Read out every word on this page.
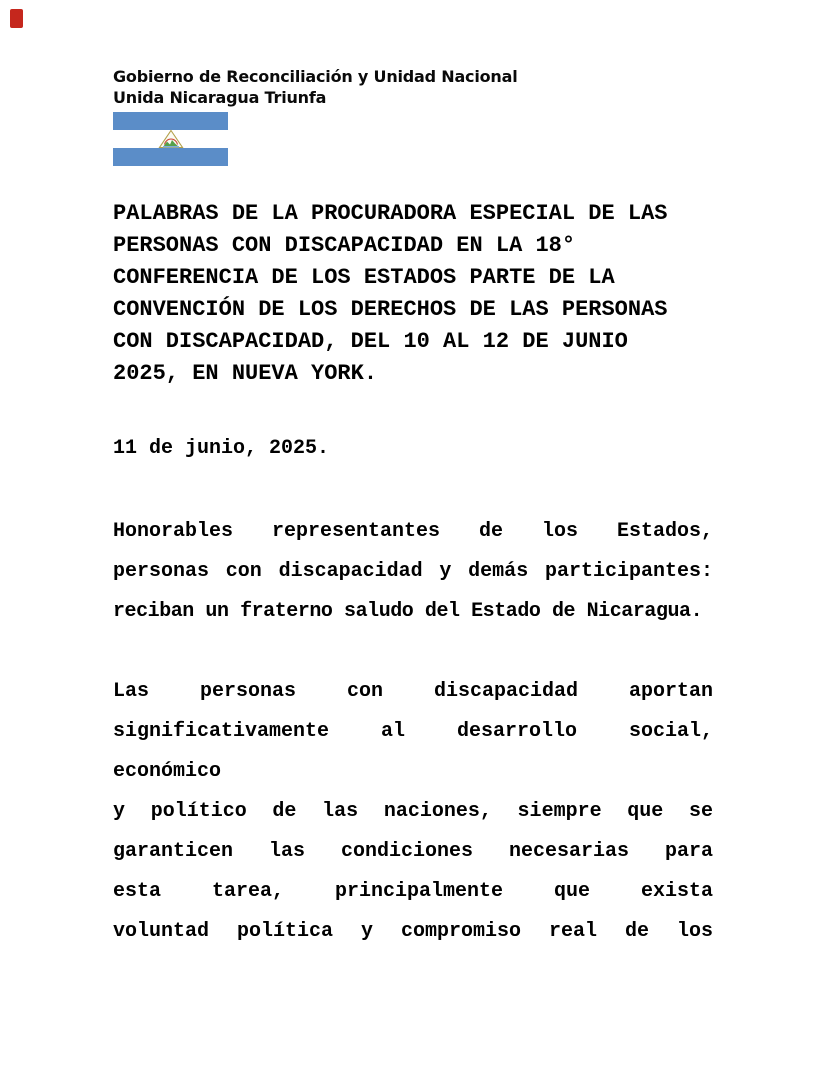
Gobierno de Reconciliación y Unidad Nacional
Unida Nicaragua Triunfa
PALABRAS DE LA PROCURADORA ESPECIAL DE LAS
PERSONAS CON DISCAPACIDAD EN LA 18°
CONFERENCIA DE LOS ESTADOS PARTE DE LA
CONVENCIÓN DE LOS DERECHOS DE LAS PERSONAS
CON DISCAPACIDAD, DEL 10 AL 12 DE JUNIO
2025, EN NUEVA YORK.
11 de junio, 2025.
Honorables representantes de los Estados,
personas con discapacidad y demás participantes:
reciban un fraterno saludo del Estado de Nicaragua.
Las personas con discapacidad aportan
significativamente al desarrollo social, económico
y político de las naciones, siempre que se
garanticen las condiciones necesarias para
esta tarea, principalmente que exista
voluntad política y compromiso real de los
